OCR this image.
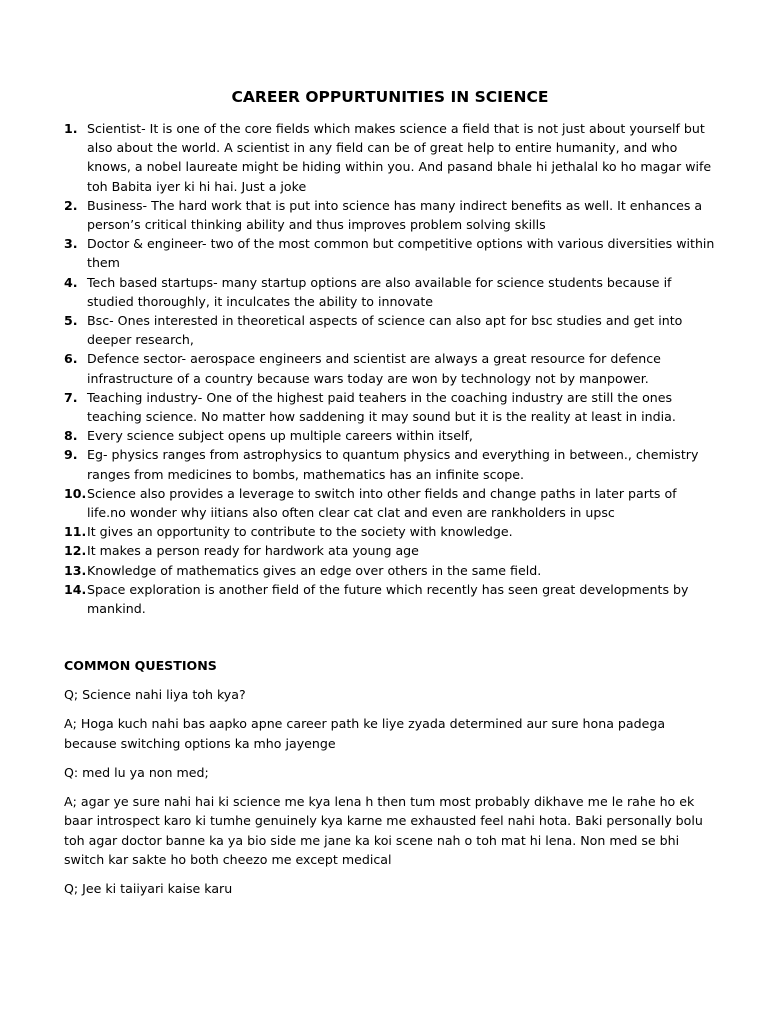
CAREER OPPURTUNITIES IN SCIENCE
1. Scientist- It is one of the core fields which makes science a field that is not just about yourself but also about the world. A scientist in any field can be of great help to entire humanity, and who knows, a nobel laureate might be hiding within you. And pasand bhale hi jethalal ko ho magar wife toh Babita iyer ki hi hai. Just a joke
2. Business- The hard work that is put into science has many indirect benefits as well. It enhances a person’s critical thinking ability and thus improves problem solving skills
3. Doctor & engineer- two of the most common but competitive options with various diversities within them
4. Tech based startups- many startup options are also available for science students because if studied thoroughly, it inculcates the ability to innovate
5. Bsc- Ones interested in theoretical aspects of science can also apt for bsc studies and get into deeper research,
6. Defence sector- aerospace engineers and scientist are always a great resource for defence infrastructure of a country because wars today are won by technology not by manpower.
7. Teaching industry- One of the highest paid teahers in the coaching industry are still the ones teaching science. No matter how saddening it may sound but it is the reality at least in india.
8. Every science subject opens up multiple careers within itself,
9. Eg- physics ranges from astrophysics to quantum physics and everything in between., chemistry ranges from medicines to bombs, mathematics has an infinite scope.
10. Science also provides a leverage to switch into other fields and change paths in later parts of life.no wonder why iitians also often clear cat clat and even are rankholders in upsc
11. It gives an opportunity to contribute to the society with knowledge.
12. It makes a person ready for hardwork ata young age
13. Knowledge of mathematics gives an edge over others in the same field.
14. Space exploration is another field of the future which recently has seen great developments by mankind.
COMMON QUESTIONS

Q; Science nahi liya toh kya?

A; Hoga kuch nahi bas aapko apne career path ke liye zyada determined aur sure hona padega because switching options ka mho jayenge

Q: med lu ya non med;

A; agar ye sure nahi hai ki science me kya lena h then tum most probably dikhave me le rahe ho ek baar introspect karo ki tumhe genuinely kya karne me exhausted feel nahi hota. Baki personally bolu toh agar doctor banne ka ya bio side me jane ka koi scene nah o toh mat hi lena. Non med se bhi switch kar sakte ho both cheezo me except medical

Q; Jee ki taiiyari kaise karu
